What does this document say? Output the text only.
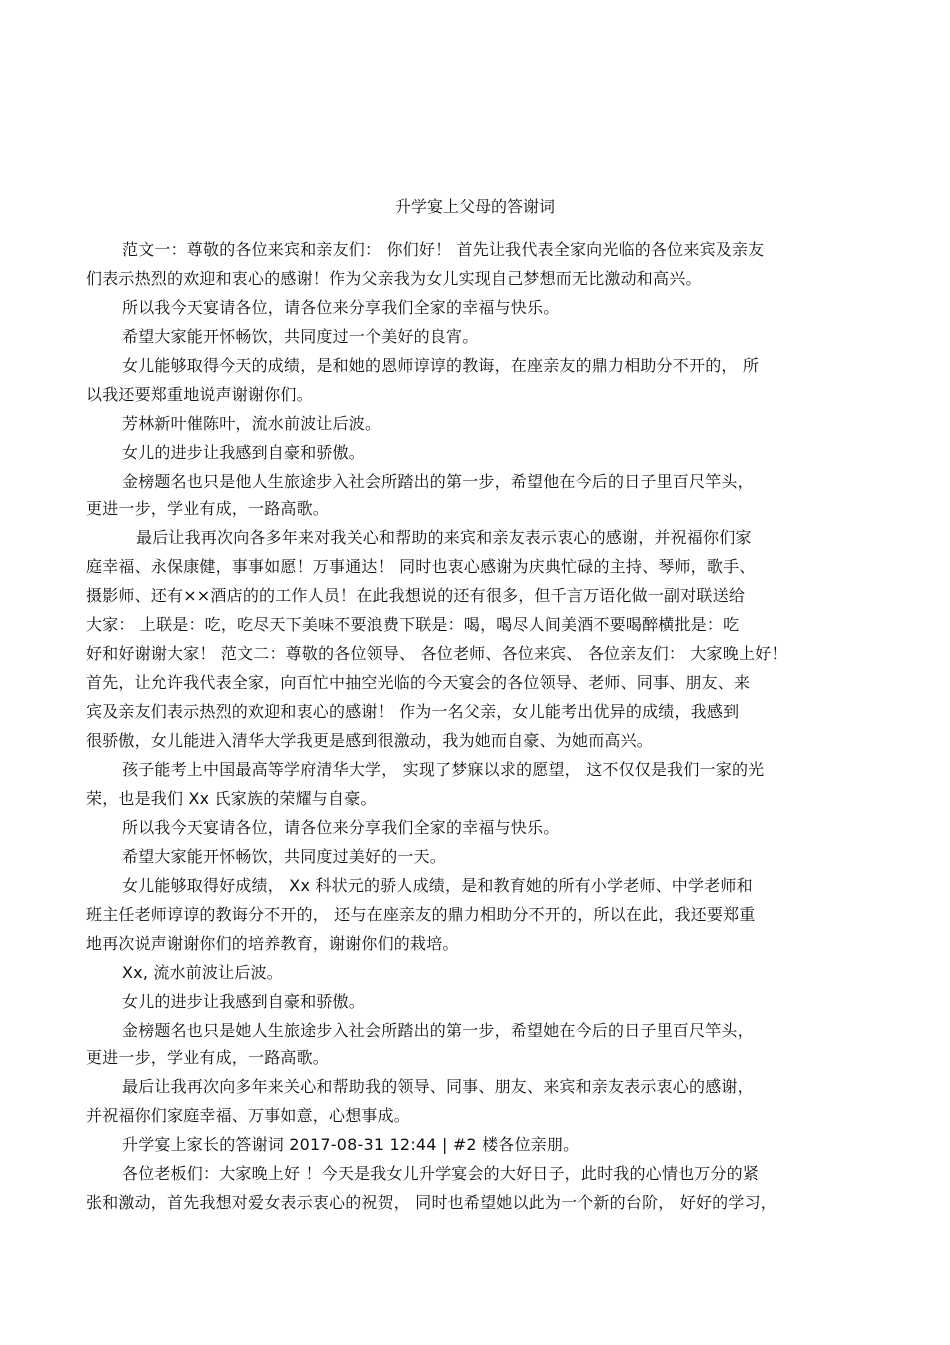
升学宴上父母的答谢词
范文一：尊敬的各位来宾和亲友们： 你们好！ 首先让我代表全家向光临的各位来宾及亲友
们表示热烈的欢迎和衷心的感谢！作为父亲我为女儿实现自己梦想而无比激动和高兴。
所以我今天宴请各位，请各位来分享我们全家的幸福与快乐。
希望大家能开怀畅饮，共同度过一个美好的良宵。
女儿能够取得今天的成绩，是和她的恩师谆谆的教诲，在座亲友的鼎力相助分不开的， 所
以我还要郑重地说声谢谢你们。
芳林新叶催陈叶，流水前波让后波。
女儿的进步让我感到自豪和骄傲。
金榜题名也只是他人生旅途步入社会所踏出的第一步，希望他在今后的日子里百尺竿头，
更进一步，学业有成，一路高歌。
最后让我再次向各多年来对我关心和帮助的来宾和亲友表示衷心的感谢，并祝福你们家
庭幸福、永保康健，事事如愿！万事通达！ 同时也衷心感谢为庆典忙碌的主持、琴师，歌手、
摄影师、还有××酒店的的工作人员！在此我想说的还有很多，但千言万语化做一副对联送给
大家： 上联是：吃，吃尽天下美味不要浪费下联是：喝，喝尽人间美酒不要喝醉横批是：吃
好和好谢谢大家！ 范文二：尊敬的各位领导、 各位老师、各位来宾、 各位亲友们： 大家晚上好！
首先，让允许我代表全家，向百忙中抽空光临的今天宴会的各位领导、老师、同事、朋友、来
宾及亲友们表示热烈的欢迎和衷心的感谢！ 作为一名父亲，女儿能考出优异的成绩，我感到
很骄傲，女儿能进入清华大学我更是感到很激动，我为她而自豪、为她而高兴。
孩子能考上中国最高等学府清华大学， 实现了梦寐以求的愿望， 这不仅仅是我们一家的光
荣，也是我们 Xx 氏家族的荣耀与自豪。
所以我今天宴请各位，请各位来分享我们全家的幸福与快乐。
希望大家能开怀畅饮，共同度过美好的一天。
女儿能够取得好成绩， Xx 科状元的骄人成绩，是和教育她的所有小学老师、中学老师和
班主任老师谆谆的教诲分不开的， 还与在座亲友的鼎力相助分不开的，所以在此，我还要郑重
地再次说声谢谢你们的培养教育，谢谢你们的栽培。
Xx, 流水前波让后波。
女儿的进步让我感到自豪和骄傲。
金榜题名也只是她人生旅途步入社会所踏出的第一步，希望她在今后的日子里百尺竿头，
更进一步，学业有成，一路高歌。
最后让我再次向多年来关心和帮助我的领导、同事、朋友、来宾和亲友表示衷心的感谢，
并祝福你们家庭幸福、万事如意，心想事成。
升学宴上家长的答谢词 2017-08-31 12:44 | #2 楼各位亲朋。
各位老板们：大家晚上好 ！今天是我女儿升学宴会的大好日子，此时我的心情也万分的紧
张和激动，首先我想对爱女表示衷心的祝贺， 同时也希望她以此为一个新的台阶， 好好的学习，
